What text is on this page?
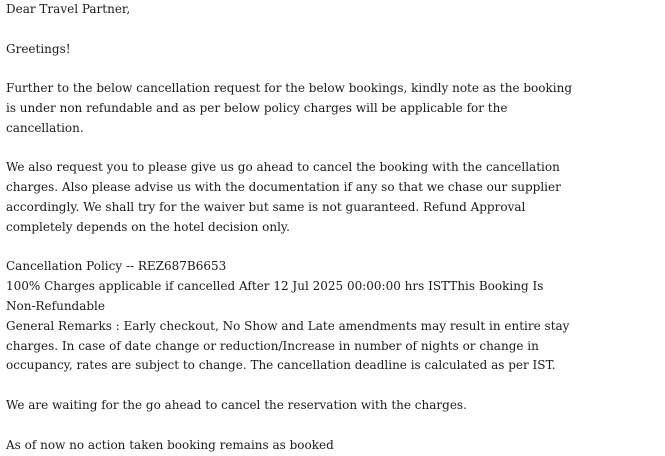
Dear Travel Partner,

Greetings!

Further to the below cancellation request for the below bookings, kindly note as the booking is under non refundable and as per below policy charges will be applicable for the cancellation.

We also request you to please give us go ahead to cancel the booking with the cancellation charges. Also please advise us with the documentation if any so that we chase our supplier accordingly. We shall try for the waiver but same is not guaranteed. Refund Approval completely depends on the hotel decision only.

Cancellation Policy -- REZ687B6653

100% Charges applicable if cancelled After 12 Jul 2025 00:00:00 hrs ISTThis Booking Is Non-Refundable

General Remarks : Early checkout, No Show and Late amendments may result in entire stay charges. In case of date change or reduction/Increase in number of nights or change in occupancy, rates are subject to change. The cancellation deadline is calculated as per IST.

We are waiting for the go ahead to cancel the reservation with the charges.

As of now no action taken booking remains as booked
